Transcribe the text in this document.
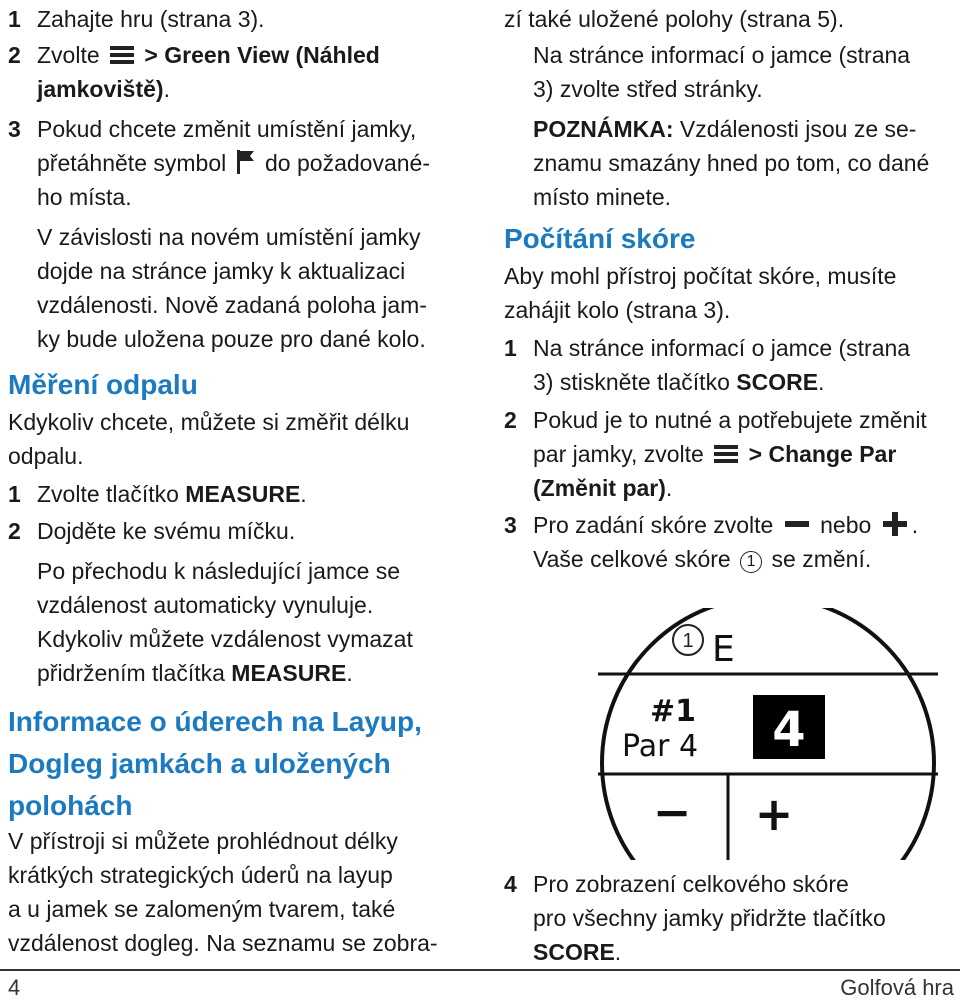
1 Zahajte hru (strana 3).

2 Zvolte  > Green View (Náhled
jamkoviště).

3 Pokud chcete změnit umístění jamky,
přetáhněte symbol do požadované-
ho místa.

V závislosti na novém umístění jamky
dojde na stránce jamky k aktualizaci
vzdálenosti. Nově zadaná poloha jam-
ky bude uložena pouze pro dané kolo.

Měření odpalu

Kdykoliv chcete, můžete si změřit délku
odpalu.

1 Zvolte tlačítko MEASURE.

2 Dojděte ke svému míčku.

Po přechodu k následující jamce se
vzdálenost automaticky vynuluje.
Kdykoliv můžete vzdálenost vymazat
přidržením tlačítka MEASURE.

Informace o úderech na Layup,
Dogleg jamkách a uložených
polohách

V přístroji si můžete prohlédnout délky
krátkých strategických úderů na layup
a u jamek se zalomeným tvarem, také
vzdálenost dogleg. Na seznamu se zobra-

zí také uložené polohy (strana 5).

Na stránce informací o jamce (strana
3) zvolte střed stránky.

POZNÁMKA: Vzdálenosti jsou ze se-
znamu smazány hned po tom, co dané
místo minete.

Počítání skóre

Aby mohl přístroj počítat skóre, musíte
zahájit kolo (strana 3).

1 Na stránce informací o jamce (strana
3) stiskněte tlačítko SCORE.

2 Pokud je to nutné a potřebujete změnit
par jamky, zvolte  > Change Par
(Změnit par).

3 Pro zadání skóre zvolte nebo .

Vaše celkové skóre 1 se změní.

4 Pro zobrazení celkového skóre
pro všechny jamky přidržte tlačítko
SCORE.

1 E
#1
Par 4 4
− +
4	Golfová hra
